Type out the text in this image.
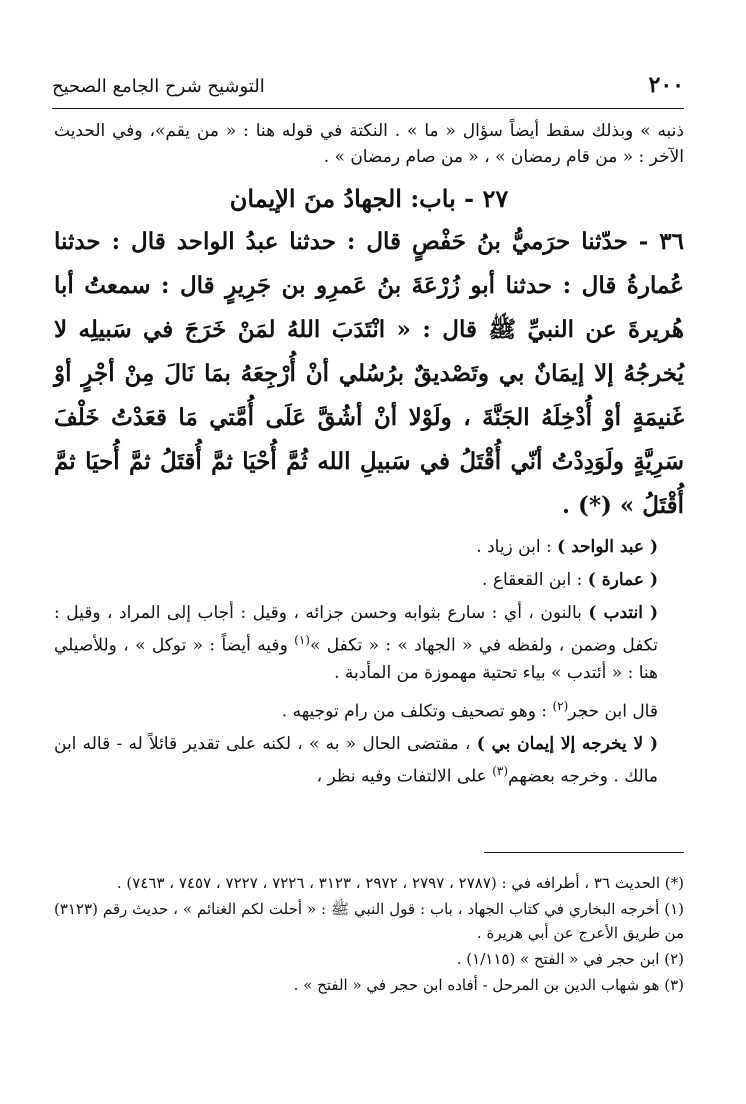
٢٠٠
التوشيح شرح الجامع الصحيح

ذنبه » وبذلك سقط أيضاً سؤال « ما » . النكتة في قوله هنا : « من يقم»، وفي الحديث الآخر : « من قام رمضان » ، « من صام رمضان » .

٢٧ - باب: الجهادُ منَ الإيمان

٣٦ - حدّثنا حرَميُّ بنُ حَفْصٍ قال : حدثنا عبدُ الواحد قال : حدثنا عُمارةُ قال : حدثنا أبو زُرْعَةَ بنُ عَمرِو بن جَرِيرٍ قال : سمعتُ أبا هُريرةَ عن النبيِّ ﷺ قال : « انْتَدَبَ اللهُ لمَنْ خَرَجَ في سَبيلِه لا يُخرجُهُ إلا إيمَانٌ بي وتَصْديقٌ برُسُلي أنْ أُرْجِعَهُ بمَا نَالَ مِنْ أجْرٍ أوْ غَنيمَةٍ أوْ أُدْخِلَهُ الجَنَّةَ ، ولَوْلا أنْ أشُقَّ عَلَى أُمَّتي مَا قعَدْتُ خَلْفَ سَرِيَّةٍ ولَوَدِدْتُ أنّي أُقْتَلُ في سَبيلِ الله ثُمَّ أُحْيَا ثمَّ أُقتَلُ ثمَّ أُحيَا ثمَّ أُقْتَلُ » (*) .

( عبد الواحد ) : ابن زياد .

( عمارة ) : ابن القعقاع .

( انتدب ) بالنون ، أي : سارع بثوابه وحسن جزائه ، وقيل : أجاب إلى المراد ، وقيل : تكفل وضمن ، ولفظه في « الجهاد » : « تكفل »$^{(١)}$ وفيه أيضاً : « توكل » ، وللأصيلي هنا : « أئتدب » بياء تحتية مهموزة من المأدبة .

قال ابن حجر$^{(٢)}$ : وهو تصحيف وتكلف من رام توجيهه .

( لا يخرجه إلا إيمان بي ) ، مقتضى الحال « به » ، لكنه على تقدير قائلاً له - قاله ابن مالك . وخرجه بعضهم$^{(٣)}$ على الالتفات وفيه نظر ،

(*) الحديث ٣٦ ، أطرافه في : (٢٧٨٧ ، ٢٧٩٧ ، ٢٩٧٢ ، ٣١٢٣ ، ٧٢٢٦ ، ٧٢٢٧ ، ٧٤٥٧ ، ٧٤٦٣) .

(١) أخرجه البخاري في كتاب الجهاد ، باب : قول النبي ﷺ : « أحلت لكم الغنائم » ، حديث رقم (٣١٢٣) من طريق الأعرج عن أبي هريرة .

(٢) ابن حجر في « الفتح » (١/١١٥) .

(٣) هو شهاب الدين بن المرحل - أفاده ابن حجر في « الفتح » .
